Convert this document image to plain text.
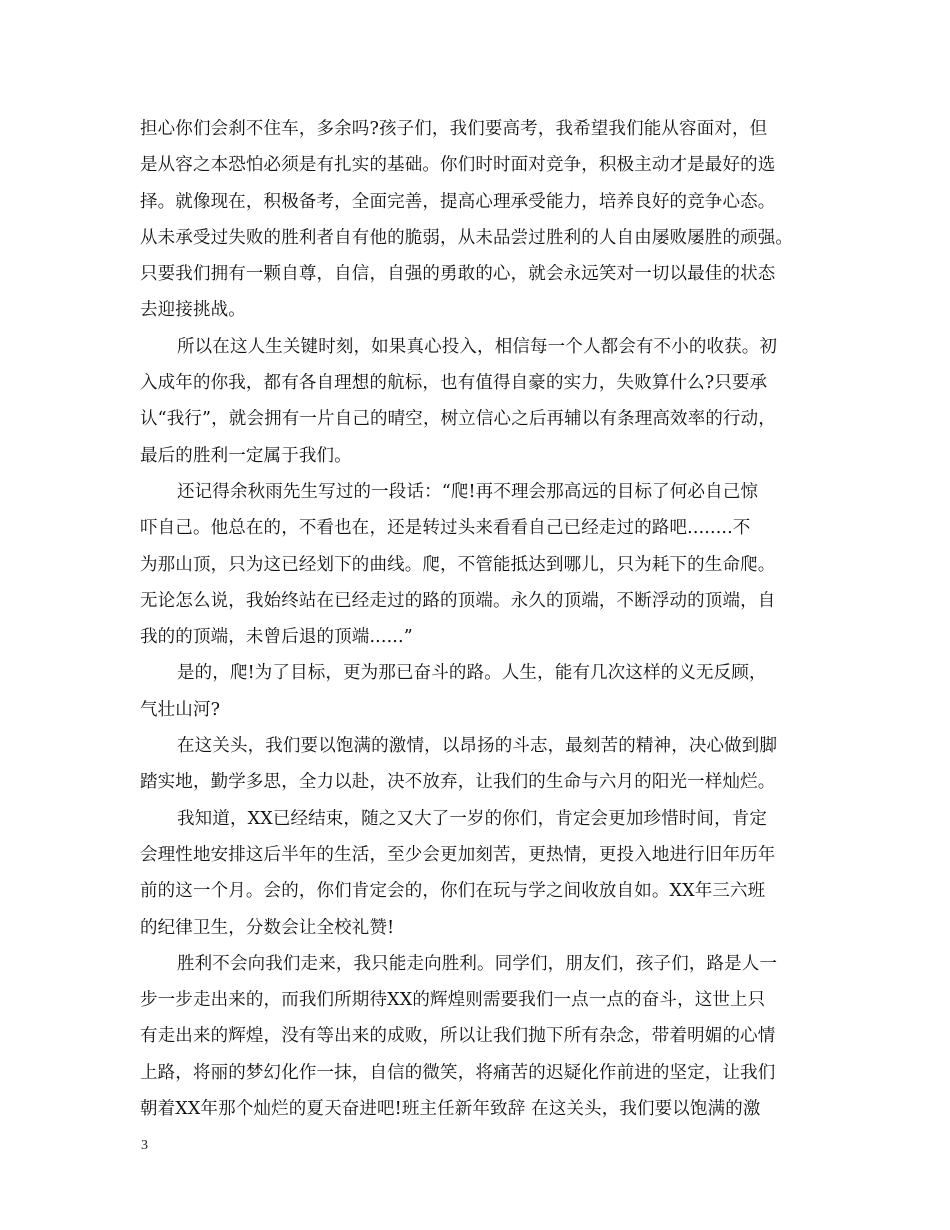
担心你们会刹不住车，多余吗?孩子们，我们要高考，我希望我们能从容面对，但
是从容之本恐怕必须是有扎实的基础。你们时时面对竞争，积极主动才是最好的选
择。就像现在，积极备考，全面完善，提高心理承受能力，培养良好的竞争心态。
从未承受过失败的胜利者自有他的脆弱，从未品尝过胜利的人自由屡败屡胜的顽强。
只要我们拥有一颗自尊，自信，自强的勇敢的心，就会永远笑对一切以最佳的状态
去迎接挑战。
所以在这人生关键时刻，如果真心投入，相信每一个人都会有不小的收获。初
入成年的你我，都有各自理想的航标，也有值得自豪的实力，失败算什么?只要承
认“我行”，就会拥有一片自己的晴空，树立信心之后再辅以有条理高效率的行动，
最后的胜利一定属于我们。
还记得余秋雨先生写过的一段话：“爬!再不理会那高远的目标了何必自己惊
吓自己。他总在的，不看也在，还是转过头来看看自己已经走过的路吧........不
为那山顶，只为这已经划下的曲线。爬，不管能抵达到哪儿，只为耗下的生命爬。
无论怎么说，我始终站在已经走过的路的顶端。永久的顶端，不断浮动的顶端，自
我的的顶端，未曾后退的顶端......”
是的，爬!为了目标，更为那已奋斗的路。人生，能有几次这样的义无反顾，
气壮山河?
在这关头，我们要以饱满的激情，以昂扬的斗志，最刻苦的精神，决心做到脚
踏实地，勤学多思，全力以赴，决不放弃，让我们的生命与六月的阳光一样灿烂。
我知道，XX已经结束，随之又大了一岁的你们，肯定会更加珍惜时间，肯定
会理性地安排这后半年的生活，至少会更加刻苦，更热情，更投入地进行旧年历年
前的这一个月。会的，你们肯定会的，你们在玩与学之间收放自如。XX年三六班
的纪律卫生，分数会让全校礼赞!
胜利不会向我们走来，我只能走向胜利。同学们，朋友们，孩子们，路是人一
步一步走出来的，而我们所期待XX的辉煌则需要我们一点一点的奋斗，这世上只
有走出来的辉煌，没有等出来的成败，所以让我们抛下所有杂念，带着明媚的心情
上路，将丽的梦幻化作一抹，自信的微笑，将痛苦的迟疑化作前进的坚定，让我们
朝着XX年那个灿烂的夏天奋进吧!班主任新年致辞 在这关头，我们要以饱满的激
3
